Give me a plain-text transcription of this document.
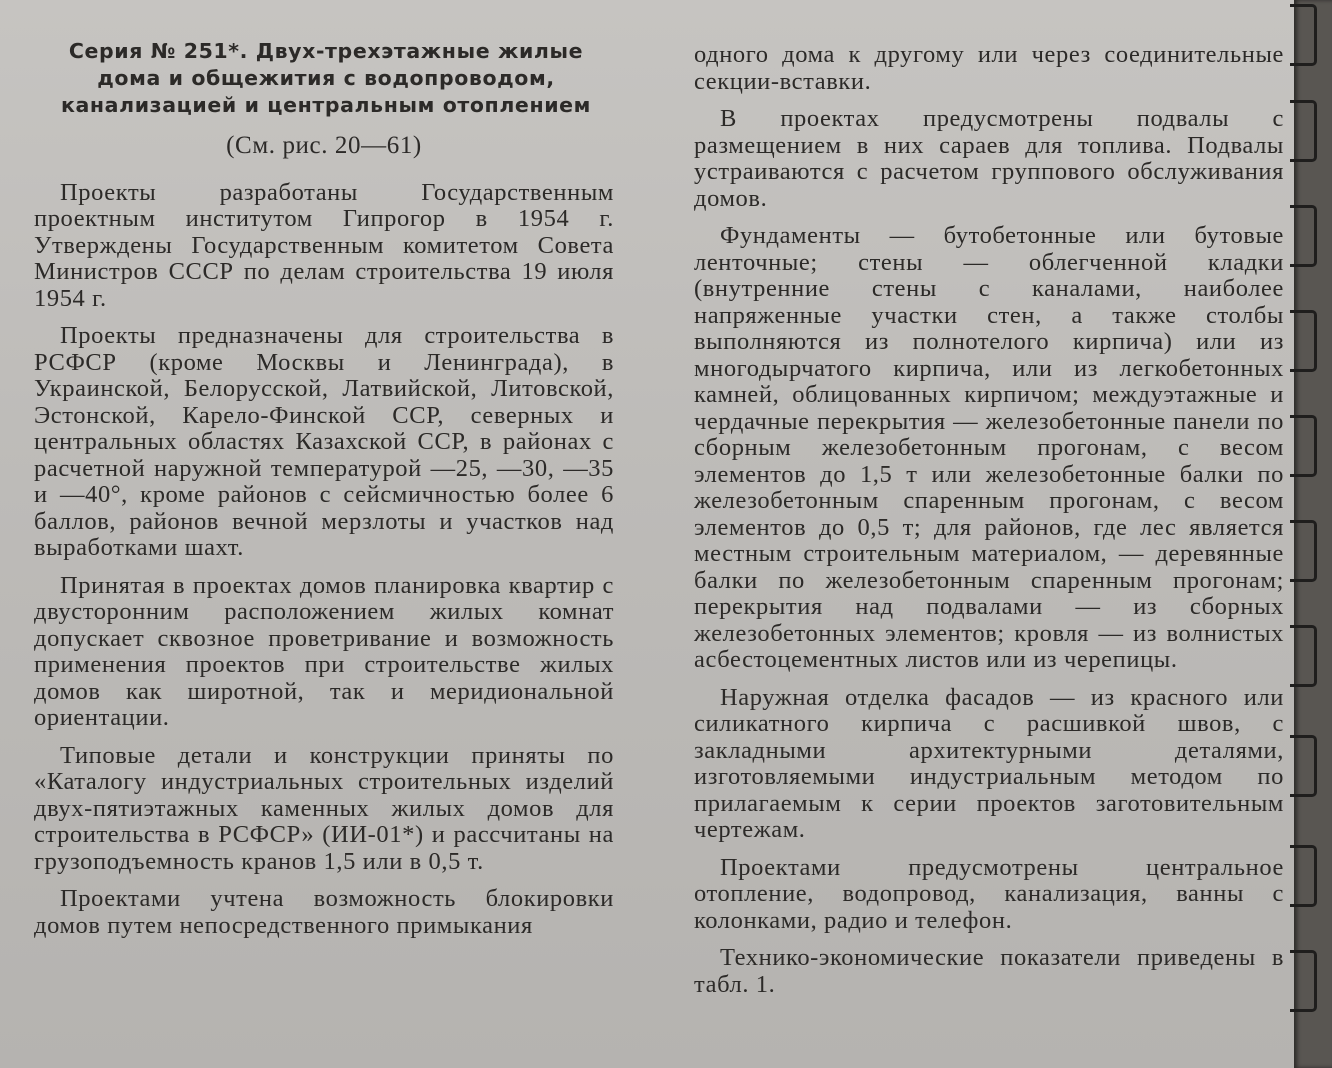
Серия № 251*. Двух-трехэтажные жилые дома и общежития с водопроводом, канализацией и центральным отоплением
(См. рис. 20—61)

Проекты разработаны Государственным проектным институтом Гипрогор в 1954 г. Утверждены Государственным комитетом Совета Министров СССР по делам строительства 19 июля 1954 г.

Проекты предназначены для строительства в РСФСР (кроме Москвы и Ленинграда), в Украинской, Белорусской, Латвийской, Литовской, Эстонской, Карело-Финской ССР, северных и центральных областях Казахской ССР, в районах с расчетной наружной температурой —25, —30, —35 и —40°, кроме районов с сейсмичностью более 6 баллов, районов вечной мерзлоты и участков над выработками шахт.

Принятая в проектах домов планировка квартир с двусторонним расположением жилых комнат допускает сквозное проветривание и возможность применения проектов при строительстве жилых домов как широтной, так и меридиональной ориентации.

Типовые детали и конструкции приняты по «Каталогу индустриальных строительных изделий двух-пятиэтажных каменных жилых домов для строительства в РСФСР» (ИИ-01*) и рассчитаны на грузоподъемность кранов 1,5 или в 0,5 т.

Проектами учтена возможность блокировки домов путем непосредственного примыкания

одного дома к другому или через соединительные секции-вставки.

В проектах предусмотрены подвалы с размещением в них сараев для топлива. Подвалы устраиваются с расчетом группового обслуживания домов.

Фундаменты — бутобетонные или бутовые ленточные; стены — облегченной кладки (внутренние стены с каналами, наиболее напряженные участки стен, а также столбы выполняются из полнотелого кирпича) или из многодырчатого кирпича, или из легкобетонных камней, облицованных кирпичом; междуэтажные и чердачные перекрытия — железобетонные панели по сборным железобетонным прогонам, с весом элементов до 1,5 т или железобетонные балки по железобетонным спаренным прогонам, с весом элементов до 0,5 т; для районов, где лес является местным строительным материалом, — деревянные балки по железобетонным спаренным прогонам; перекрытия над подвалами — из сборных железобетонных элементов; кровля — из волнистых асбестоцементных листов или из черепицы.

Наружная отделка фасадов — из красного или силикатного кирпича с расшивкой швов, с закладными архитектурными деталями, изготовляемыми индустриальным методом по прилагаемым к серии проектов заготовительным чертежам.

Проектами предусмотрены центральное отопление, водопровод, канализация, ванны с колонками, радио и телефон.

Технико-экономические показатели приведены в табл. 1.
